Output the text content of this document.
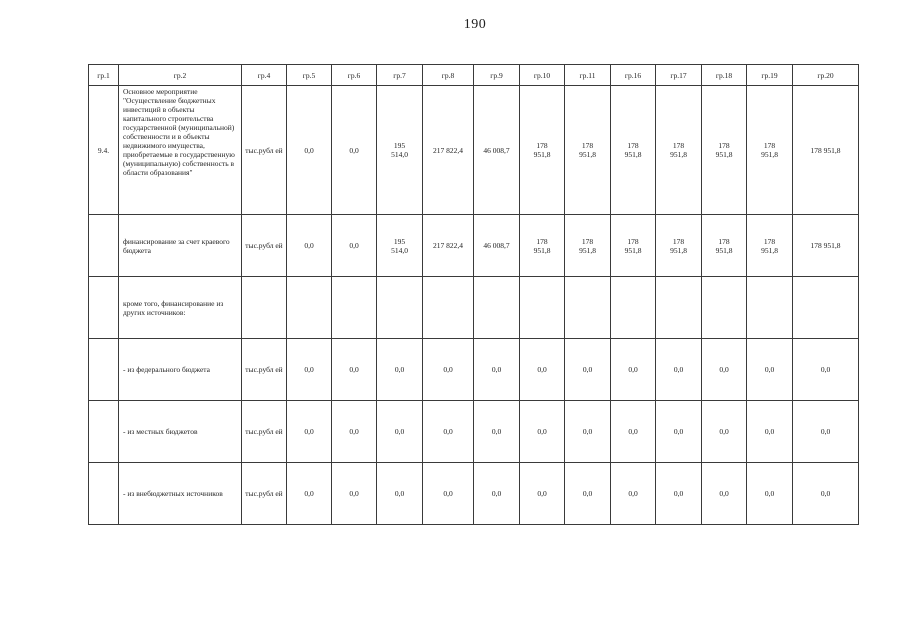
190
гр.1	гр.2	гр.4	гр.5	гр.6	гр.7	гр.8	гр.9	гр.10	гр.11	гр.16	гр.17	гр.18	гр.19	гр.20
9.4.	Основное мероприятие "Осуществление бюджетных инвестиций в объекты капитального строительства государственной (муниципальной) собственности и в объекты недвижимого имущества, приобретаемые в государственную (муниципальную) собственность в области образования"	тыс.рубл ей	0,0	0,0	195
514,0	217 822,4	46 008,7	178
951,8	178
951,8	178
951,8	178
951,8	178
951,8	178
951,8	178 951,8
	финансирование за счет краевого бюджета	тыс.рубл ей	0,0	0,0	195
514,0	217 822,4	46 008,7	178
951,8	178
951,8	178
951,8	178
951,8	178
951,8	178
951,8	178 951,8
	кроме того, финансирование из других источников:													
	- из федерального бюджета	тыс.рубл ей	0,0	0,0	0,0	0,0	0,0	0,0	0,0	0,0	0,0	0,0	0,0	0,0
	- из местных бюджетов	тыс.рубл ей	0,0	0,0	0,0	0,0	0,0	0,0	0,0	0,0	0,0	0,0	0,0	0,0
	- из внебюджетных источников	тыс.рубл ей	0,0	0,0	0,0	0,0	0,0	0,0	0,0	0,0	0,0	0,0	0,0	0,0
